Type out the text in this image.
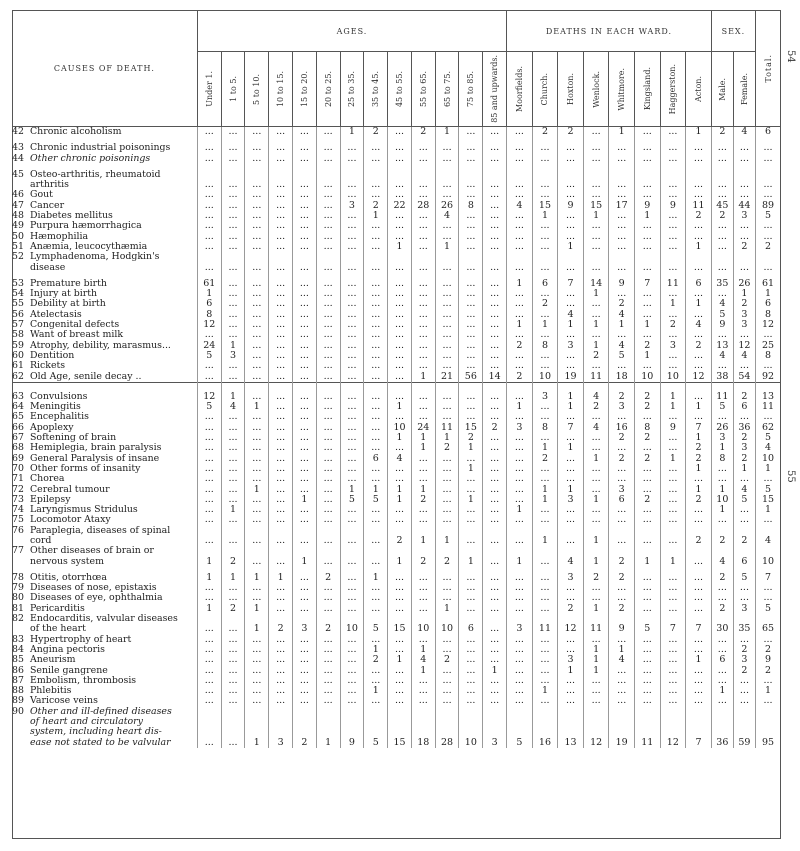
CAUSES OF DEATH.	AGES.													DEATHS IN EACH WARD.								SEX.		Total.

	Under 1.	1 to 5.	5 to 10.	10 to 15.	15 to 20.	20 to 25.	25 to 35.	35 to 45.	45 to 55.	55 to 65.	65 to 75.	75 to 85.	85 and upwards.	Moorfields.	Church.	Hoxton.	Wenlock.	Whitmore.	Kingsland.	Haggerston.	Acton.	Male.	Female.	

42 Chronic alcoholism	...	...	...	...	...	...	1	2	...	2	1	...	...	...	2	2	...	1	...	...	1	2	4	6

43 Chronic industrial poisonings	...	...	...	...	...	...	...	...	...	...	...	...	...	...	...	...	...	...	...	...	...	...	...	...
44 Other chronic poisonings	...	...	...	...	...	...	...	...	...	...	...	...	...	...	...	...	...	...	...	...	...	...	...	...

45 Osteo-arthritis, rheumatoid																								
arthritis	...	...	...	...	...	...	...	...	...	...	...	...	...	...	...	...	...	...	...	...	...	...	...	...
46 Gout	...	...	...	...	...	...	...	...	...	...	...	...	...	...	...	...	...	...	...	...	...	...	...	...
47 Cancer	...	...	...	...	...	...	3	2	22	28	26	8	...	4	15	9	15	17	9	9	11	45	44	89
48 Diabetes mellitus	...	...	...	...	...	...	...	1	...	...	4	...	...	...	1	...	1	...	1	...	2	2	3	5
49 Purpura hæmorrhagica	...	...	...	...	...	...	...	...	...	...	...	...	...	...	...	...	...	...	...	...	...	...	...	...
50 Hæmophilia	...	...	...	...	...	...	...	...	...	...	...	...	...	...	...	...	...	...	...	...	...	...	...	...
51 Anæmia, leucocythæmia	...	...	...	...	...	...	...	...	1	...	1	...	...	...	...	1	...	...	...	...	1	...	2	2
52 Lymphadenoma, Hodgkin's																								
disease	...	...	...	...	...	...	...	...	...	...	...	...	...	...	...	...	...	...	...	...	...	...	...	...

53 Premature birth	61	...	...	...	...	...	...	...	...	...	...	...	...	1	6	7	14	9	7	11	6	35	26	61
54 Injury at birth	1	...	...	...	...	...	...	...	...	...	...	...	...	...	...	...	1	...	...	...	...	...	1	1
55 Debility at birth	6	...	...	...	...	...	...	...	...	...	...	...	...	...	2	...	...	2	...	1	1	4	2	6
56 Atelectasis	8	...	...	...	...	...	...	...	...	...	...	...	...	...	...	4	...	4	...	...	...	5	3	8
57 Congenital defects	12	...	...	...	...	...	...	...	...	...	...	...	...	1	1	1	1	1	1	2	4	9	3	12
58 Want of breast milk	...	...	...	...	...	...	...	...	...	...	...	...	...	...	...	...	...	...	...	...	...	...	...	...
59 Atrophy, debility, marasmus...	24	1	...	...	...	...	...	...	...	...	...	...	...	2	8	3	1	4	2	3	2	13	12	25
60 Dentition	5	3	...	...	...	...	...	...	...	...	...	...	...	...	...	...	2	5	1	...	...	4	4	8
61 Rickets	...	...	...	...	...	...	...	...	...	...	...	...	...	...	...	...	...	...	...	...	...	...	...	...
62 Old Age, senile decay ..	...	...	...	...	...	...	...	...	...	1	21	56	14	2	10	19	11	18	10	10	12	38	54	92

63 Convulsions	12	1	...	...	...	...	...	...	...	...	...	...	...	...	3	1	4	2	2	1	...	11	2	13
64 Meningitis	5	4	1	...	...	...	...	...	1	...	...	...	...	1	...	1	2	3	2	1	1	5	6	11
65 Encephalitis	...	...	...	...	...	...	...	...	...	...	...	...	...	...	...	...	...	...	...	...	...	...	...	...
66 Apoplexy	...	...	...	...	...	...	...	...	10	24	11	15	2	3	8	7	4	16	8	9	7	26	36	62
67 Softening of brain	...	...	...	...	...	...	...	...	1	1	1	2	...	...	...	...	...	2	2	...	1	3	2	5
68 Hemiplegia, brain paralysis	...	...	...	...	...	...	...	...	...	1	2	1	...	...	1	1	...	...	...	...	2	1	3	4
69 General Paralysis of insane	...	...	...	...	...	...	...	6	4	...	...	...	...	...	2	...	1	2	2	1	2	8	2	10
70 Other forms of insanity	...	...	...	...	...	...	...	...	...	...	...	1	...	...	...	...	...	...	...	...	1	...	1	1
71 Chorea	...	...	...	...	...	...	...	...	...	...	...	...	...	...	...	...	...	...	...	...	...	...	...	...
72 Cerebral tumour	...	...	1	...	...	...	1	1	1	1	...	...	...	...	1	1	...	3	...	...	1	1	4	5
73 Epilepsy	...	...	...	...	1	...	5	5	1	2	...	1	...	...	1	3	1	6	2	...	2	10	5	15
74 Laryngismus Stridulus	...	1	...	...	...	...	...	...	...	...	...	...	...	1	...	...	...	...	...	...	...	1	...	1
75 Locomotor Ataxy	...	...	...	...	...	...	...	...	...	...	...	...	...	...	...	...	...	...	...	...	...	...	...	...
76 Paraplegia, diseases of spinal																								
cord	...	...	...	...	...	...	...	...	2	1	1	...	...	...	1	...	1	...	...	...	2	2	2	4
77 Other diseases of brain or																								
nervous system	1	2	...	...	1	...	...	...	1	2	2	1	...	1	...	4	1	2	1	1	...	4	6	10

78 Otitis, otorrhœa	1	1	1	1	...	2	...	1	...	...	...	...	...	...	...	3	2	2	...	...	...	2	5	7
79 Diseases of nose, epistaxis	...	...	...	...	...	...	...	...	...	...	...	...	...	...	...	...	...	...	...	...	...	...	...	...
80 Diseases of eye, ophthalmia	...	...	...	...	...	...	...	...	...	...	...	...	...	...	...	...	...	...	...	...	...	...	...	...
81 Pericarditis	1	2	1	...	...	...	...	...	...	...	1	...	...	...	...	2	1	2	...	...	...	2	3	5
82 Endocarditis, valvular diseases																								
of the heart	...	...	1	2	3	2	10	5	15	10	10	6	...	3	11	12	11	9	5	7	7	30	35	65
83 Hypertrophy of heart	...	...	...	...	...	...	...	...	...	...	...	...	...	...	...	...	...	...	...	...	...	...	...	...
84 Angina pectoris	...	...	...	...	...	...	...	1	...	1	...	...	...	...	...	...	1	1	...	...	...	...	2	2
85 Aneurism	...	...	...	...	...	...	...	2	1	4	2	...	...	...	...	3	1	4	...	...	1	6	3	9
86 Senile gangrene	...	...	...	...	...	...	...	...	...	1	...	...	1	...	...	1	1	...	...	...	...	...	2	2
87 Embolism, thrombosis	...	...	...	...	...	...	...	...	...	...	...	...	...	...	...	...	...	...	...	...	...	...	...	...
88 Phlebitis	...	...	...	...	...	...	...	1	...	...	...	...	...	...	1	...	...	...	...	...	...	1	...	1
89 Varicose veins	...	...	...	...	...	...	...	...	...	...	...	...	...	...	...	...	...	...	...	...	...	...	...	...
90 Other and ill-defined diseases																								
of heart and circulatory																								
system, including heart dis-																								
ease not stated to be valvular	...	...	1	3	2	1	9	5	15	18	28	10	3	5	16	13	12	19	11	12	7	36	59	95
54
55
